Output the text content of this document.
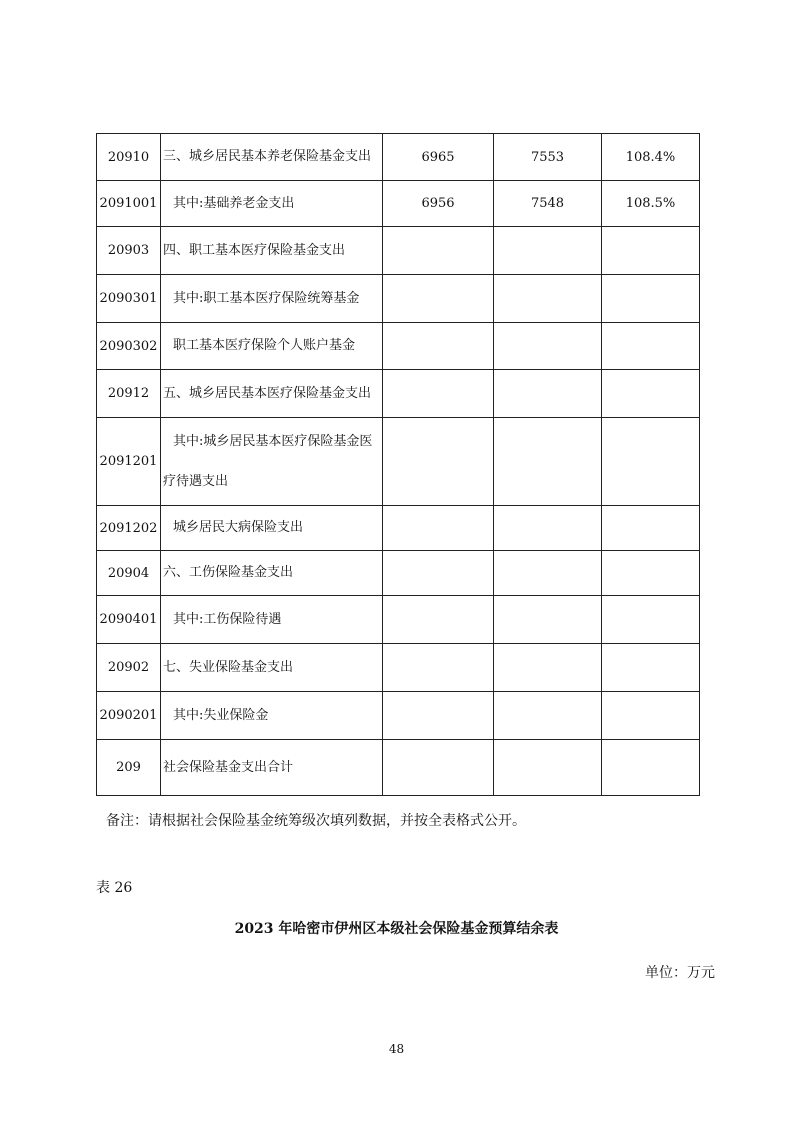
20910	三、城乡居民基本养老保险基金支出	6965	7553	108.4%
2091001	其中:基础养老金支出	6956	7548	108.5%
20903	四、职工基本医疗保险基金支出			
2090301	其中:职工基本医疗保险统筹基金			
2090302	职工基本医疗保险个人账户基金			
20912	五、城乡居民基本医疗保险基金支出			
2091201	其中:城乡居民基本医疗保险基金医
疗待遇支出			
2091202	城乡居民大病保险支出			
20904	六、工伤保险基金支出			
2090401	其中:工伤保险待遇			
20902	七、失业保险基金支出			
2090201	其中:失业保险金			
209	社会保险基金支出合计			
备注：请根据社会保险基金统筹级次填列数据，并按全表格式公开。
表 26
2023 年哈密市伊州区本级社会保险基金预算结余表
单位：万元
48
